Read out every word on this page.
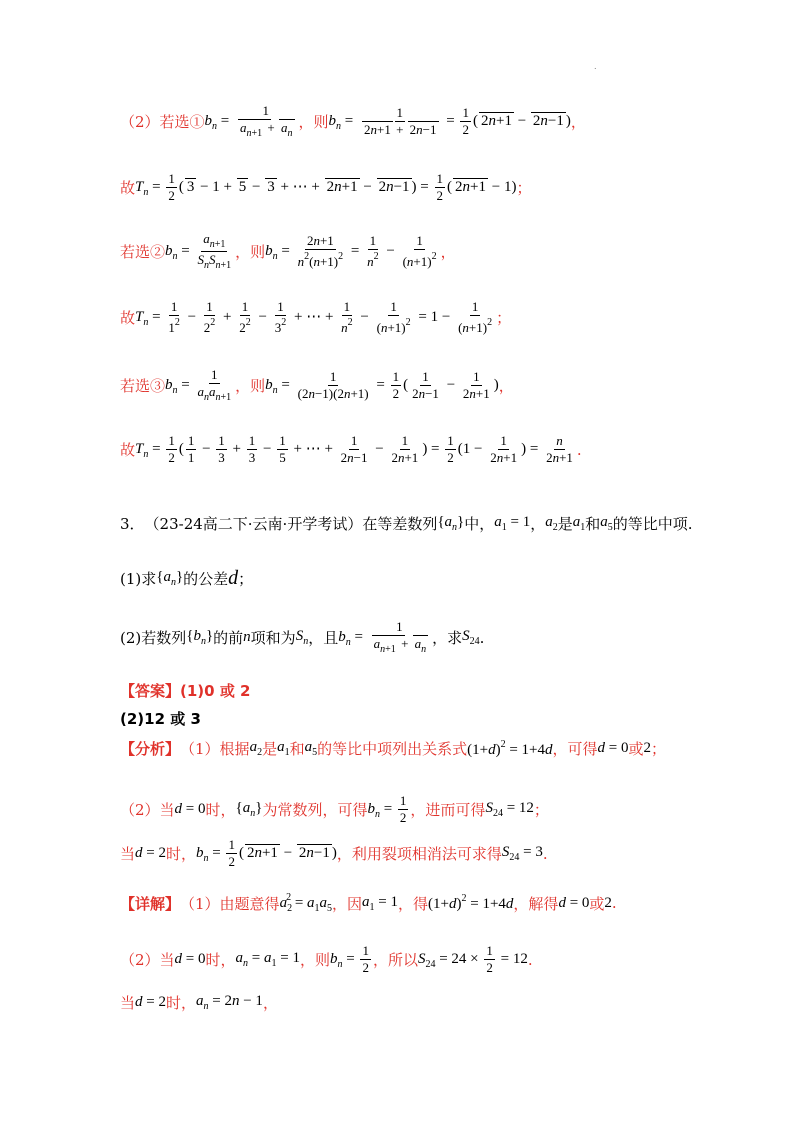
.
（2）若选① $b_n = \frac{1}{a_{n+1} + a_n}$ ，则 $b_n = \frac{1}{2n+1 + 2n-1} = \frac{1}{2}$ ( 2n+1 − 2n−1 ) ，
故 $T_n = \frac{1}{2}$ ( 3 − 1 + 5 − 3 + ⋯ + 2n+1 − 2n−1 ) = $\frac{1}{2}$ ( 2n+1 − 1) ；
若选② $b_n = \frac{a_{n+1}}{S_nS_{n+1}}$ ，则 $b_n = \frac{2n+1}{n^2(n+1)^2} = \frac{1}{n^2} - \frac{1}{(n+1)^2}$ ，
故 $T_n = \frac{1}{1^2} - \frac{1}{2^2} + \frac{1}{2^2} - \frac{1}{3^2}$ + ⋯ + $\frac{1}{n^2} - \frac{1}{(n+1)^2} = 1 - \frac{1}{(n+1)^2}$ ；
若选③ $b_n = \frac{1}{a_na_{n+1}}$ ，则 $b_n = \frac{1}{(2n-1)(2n+1)} = \frac{1}{2}$ ( $\frac{1}{2n-1} - \frac{1}{2n+1}$ ) ，
故 $T_n = \frac{1}{2}$ ( $\frac{1}{1} - \frac{1}{3} + \frac{1}{3} - \frac{1}{5}$ + ⋯ + $\frac{1}{2n-1} - \frac{1}{2n+1}$ ) = $\frac{1}{2} (1 - \frac{1}{2n+1}$ ) = $\frac{n}{2n+1}$ .
3． （23-24高二下·云南·开学考试）在等差数列 $\{a_n\}$ 中， $a_1 = 1$ ， $a_2$ 是 $a_1$ 和 $a_5$ 的等比中项.
(1)求 $\{a_n\}$ 的公差 d ；
(2)若数列 $\{b_n\}$ 的前 n 项和为 $S_n$ ，且 $b_n = \frac{1}{a_{n+1} + a_n}$ ，求 $S_{24}$ .
【答案】 (1)0 或 2
(2)12 或 3
【分析】 （1）根据 $a_2$ 是 $a_1$ 和 $a_5$ 的等比中项列出关系式 $(1+d)^2 = 1+4d$ ，可得 d = 0 或 2 ；
（2）当 d = 0 时， $\{a_n\}$ 为常数列，可得 $b_n = \frac{1}{2}$ ，进而可得 $S_{24} = 12$ ；
当 d = 2 时， $b_n = \frac{1}{2}$ ( 2n+1 − 2n−1 ) ，利用裂项相消法可求得 $S_{24} = 3$ .
【详解】 （1）由题意得 $a_2^2 = a_1a_5$ ，因 $a_1 = 1$ ，得 $(1+d)^2 = 1+4d$ ，解得 d = 0 或 2 .
（2）当 d = 0 时， $a_n = a_1 = 1$ ，则 $b_n = \frac{1}{2}$ ，所以 $S_{24} = 24 \times \frac{1}{2} = 12$ .
当 d = 2 时， $a_n = 2n - 1$ ，
